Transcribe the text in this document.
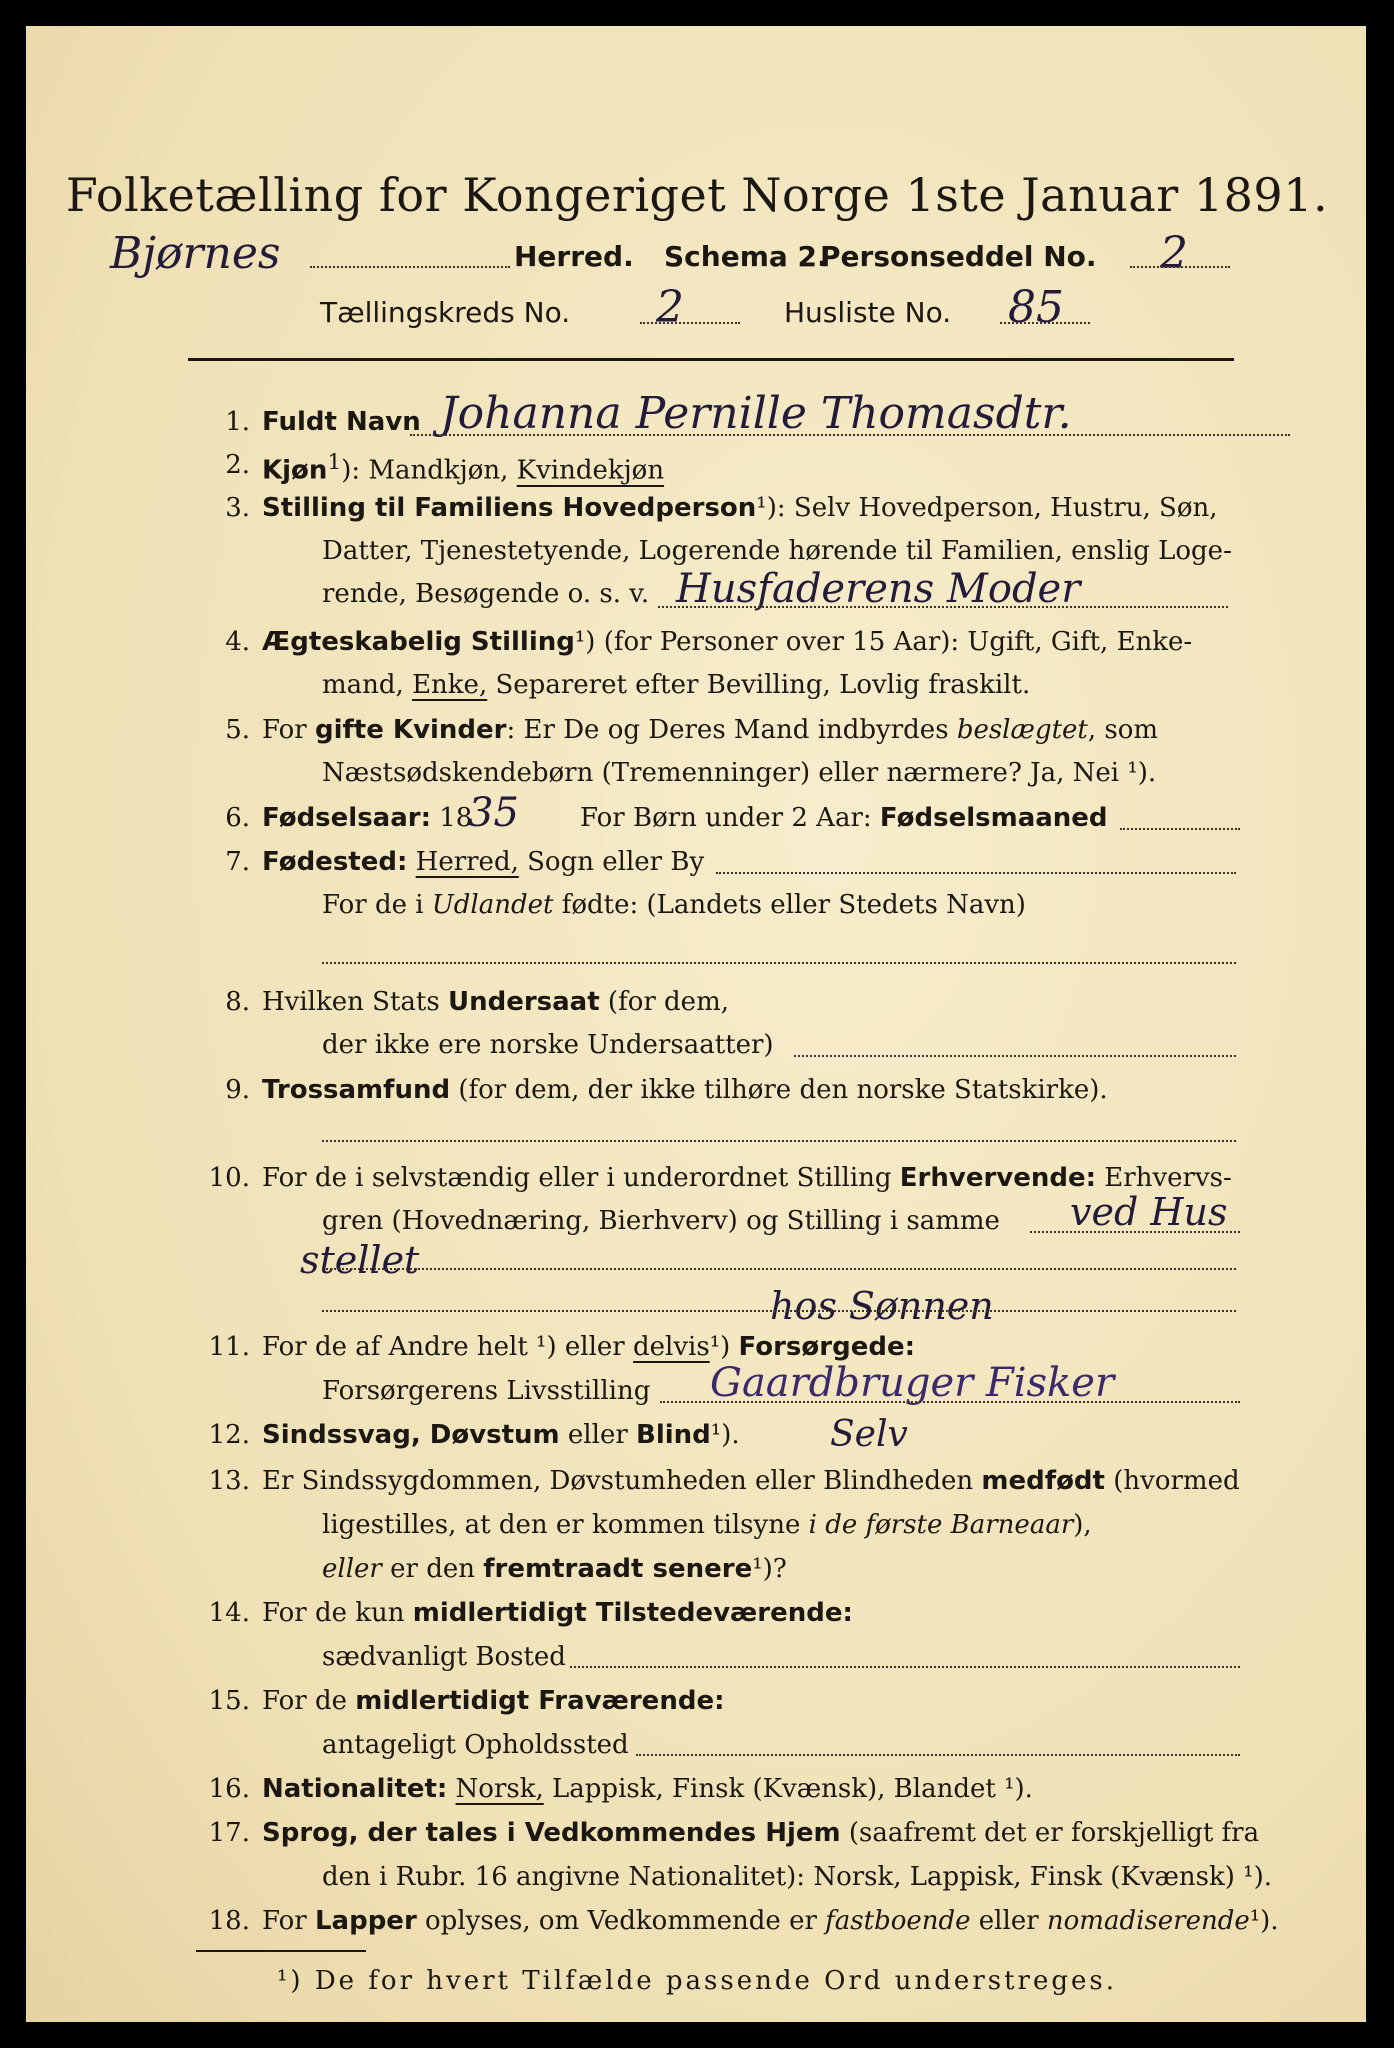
Folketælling for Kongeriget Norge 1ste Januar 1891.
Bjørnes	Herred. Schema 2.
Personseddel No. 2
Tællingskreds No. 2	Husliste No. 85
1. Fuldt Navn Johanna Pernille Thomasdtr.
2. Kjøn$^1$): Mandkjøn, Kvindekjøn
3. Stilling til Familiens Hovedperson¹): Selv Hovedperson, Hustru, Søn,
Datter, Tjenestetyende, Logerende hørende til Familien, enslig Loge-
rende, Besøgende o. s. v. Husfaderens Moder
4. Ægteskabelig Stilling¹) (for Personer over 15 Aar): Ugift, Gift, Enke-
mand, Enke, Separeret efter Bevilling, Lovlig fraskilt.
5. For gifte Kvinder: Er De og Deres Mand indbyrdes beslægtet, som
Næstsødskendebørn (Tremenninger) eller nærmere? Ja, Nei ¹).
6. Fødselsaar: 18
35 For Børn under 2 Aar: Fødselsmaaned
7. Fødested: Herred, Sogn eller By
For de i Udlandet fødte: (Landets eller Stedets Navn)
8. Hvilken Stats Undersaat (for dem,
der ikke ere norske Undersaatter)
9. Trossamfund (for dem, der ikke tilhøre den norske Statskirke).
10. For de i selvstændig eller i underordnet Stilling Erhvervende: Erhvervs-
gren (Hovednæring, Bierhverv) og Stilling i samme ved Hus
stellet
hos Sønnen
11. For de af Andre helt ¹) eller delvis¹) Forsørgede:
Forsørgerens Livsstilling Gaardbruger Fisker
12. Sindssvag, Døvstum eller Blind¹).	Selv
13. Er Sindssygdommen, Døvstumheden eller Blindheden medfødt (hvormed
ligestilles, at den er kommen tilsyne i de første Barneaar),
eller er den fremtraadt senere¹)?
14. For de kun midlertidigt Tilstedeværende:
sædvanligt Bosted
15. For de midlertidigt Fraværende:
antageligt Opholdssted
16. Nationalitet: Norsk, Lappisk, Finsk (Kvænsk), Blandet ¹).
17. Sprog, der tales i Vedkommendes Hjem (saafremt det er forskjelligt fra
den i Rubr. 16 angivne Nationalitet): Norsk, Lappisk, Finsk (Kvænsk) ¹).
18. For Lapper oplyses, om Vedkommende er fastboende eller nomadiserende¹).
¹) De for hvert Tilfælde passende Ord understreges.
